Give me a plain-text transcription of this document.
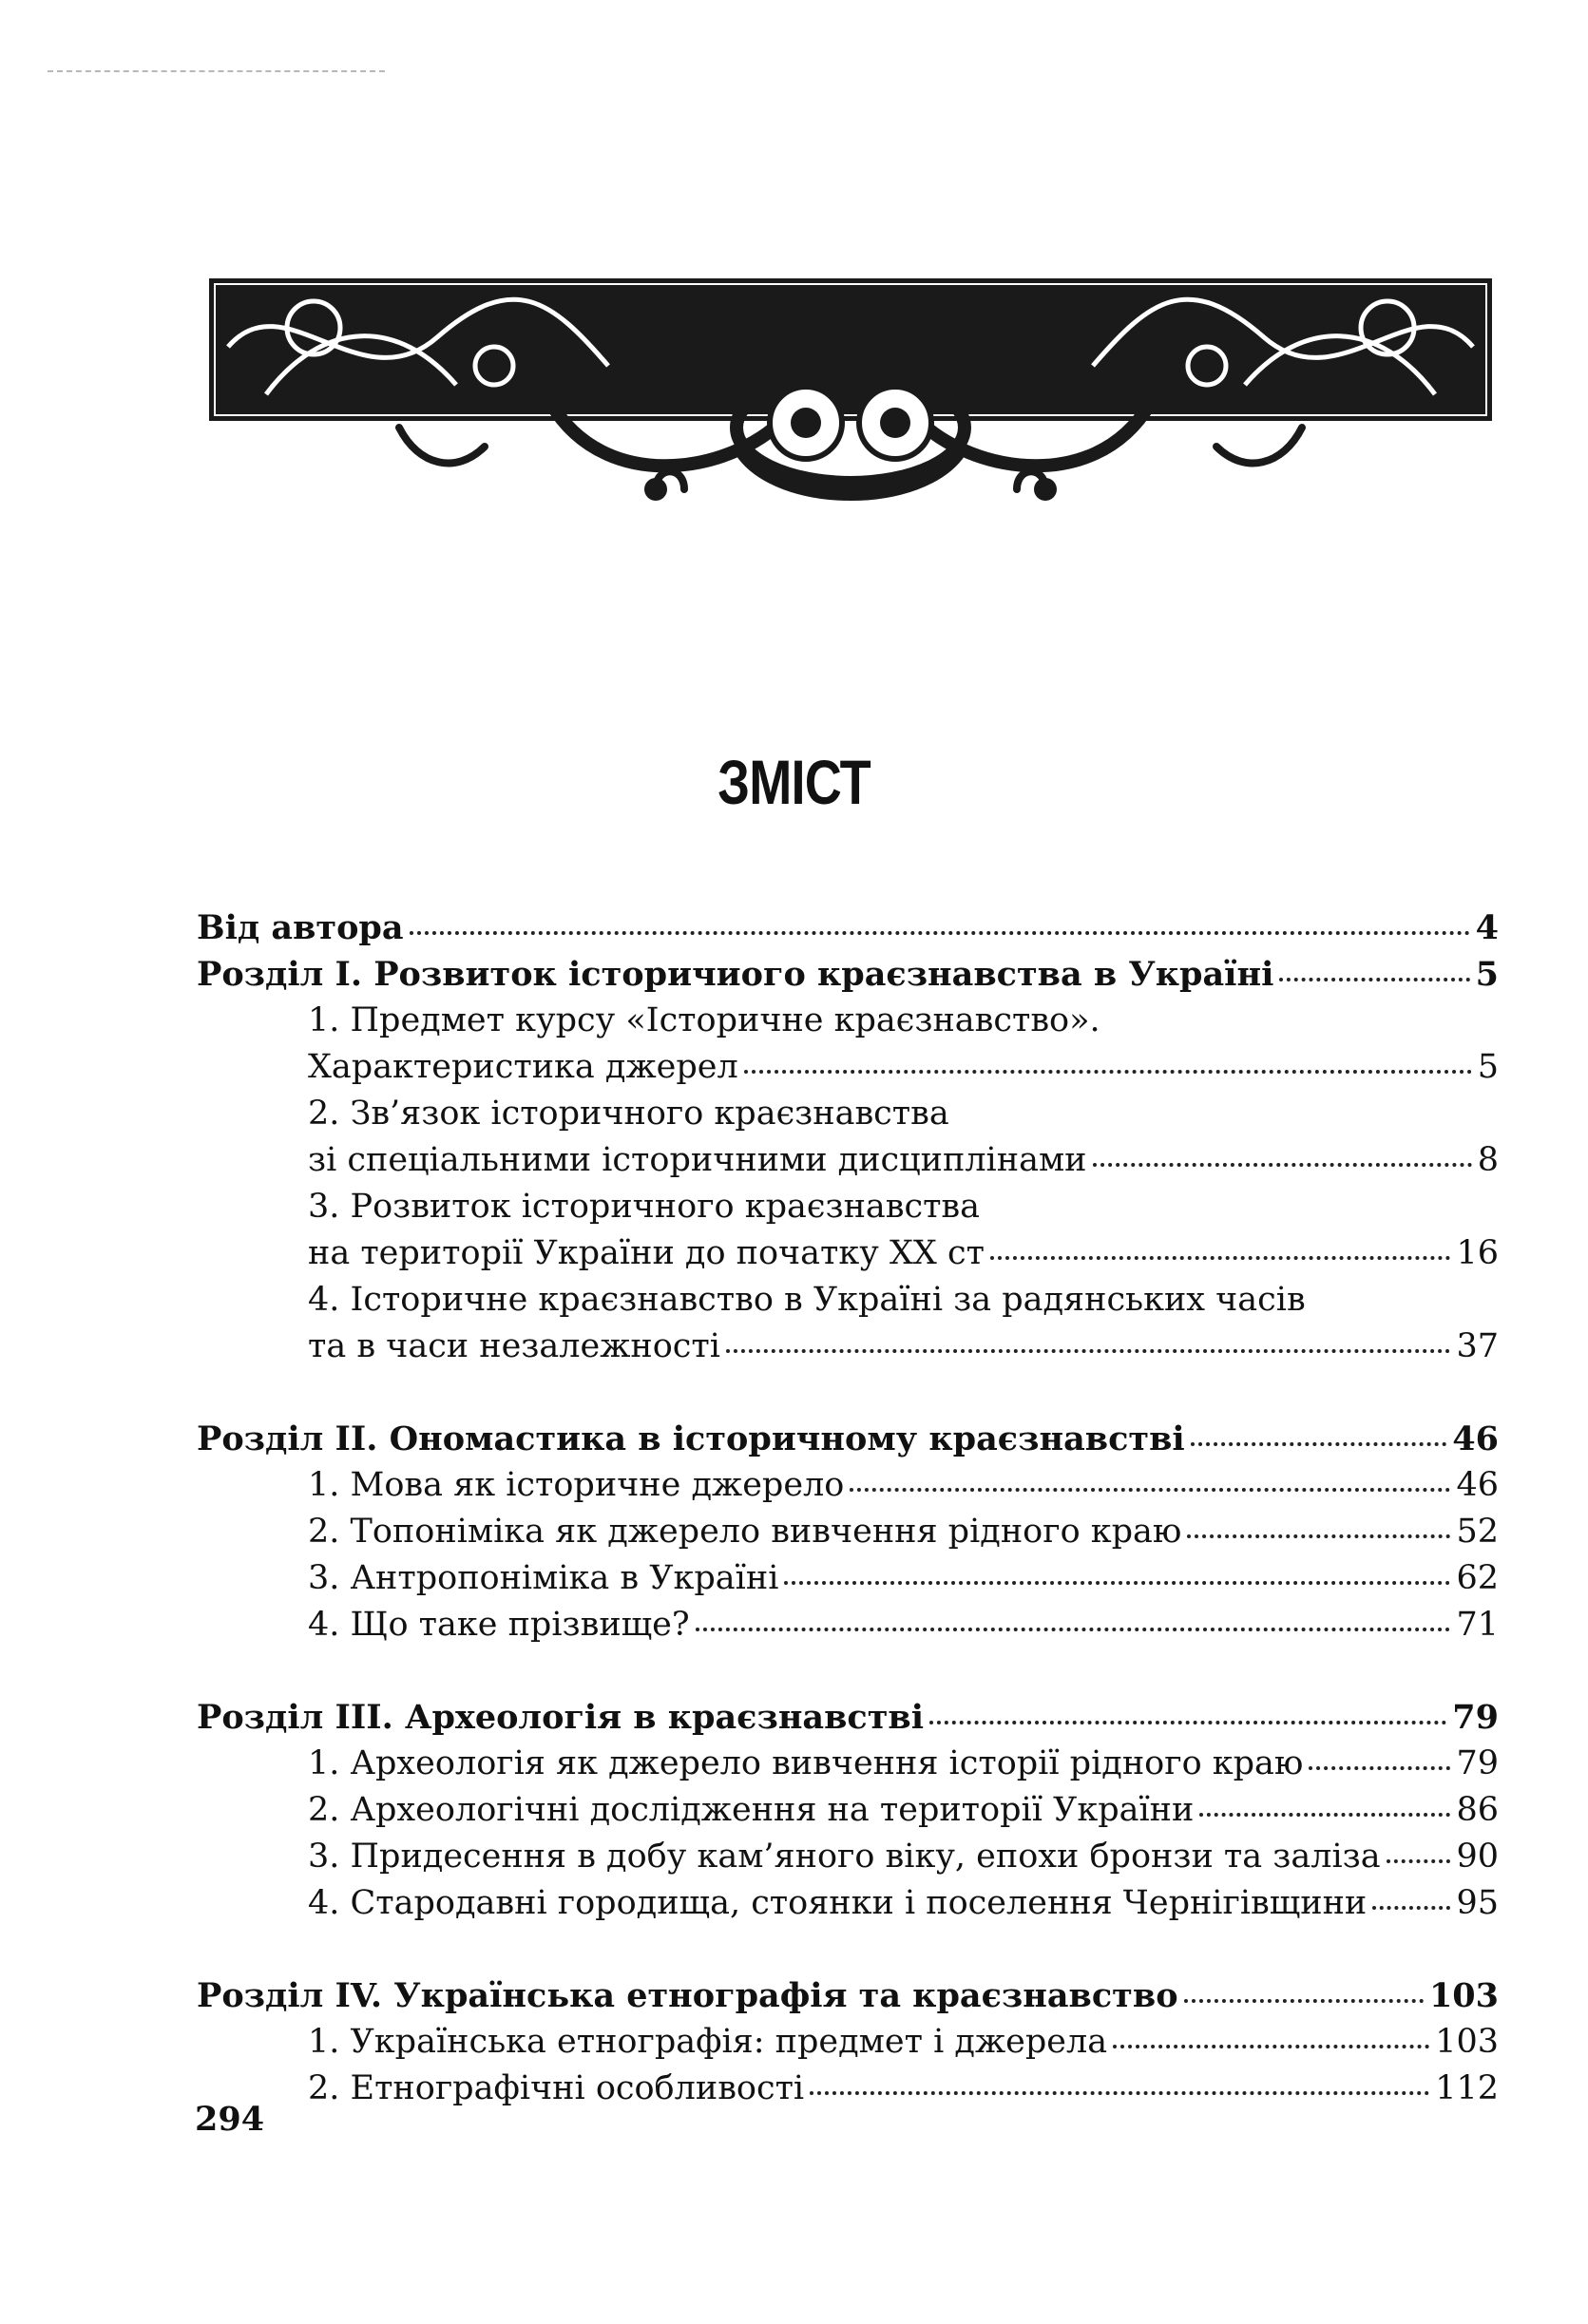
ЗМІСТ
Від автора	4
Розділ І. Розвиток історичиого краєзнавства в Україні	5
1. Предмет курсу «Історичне краєзнавство».
Характеристика джерел	5
2. Зв’язок історичного краєзнавства
зі спеціальними історичними дисциплінами	8
3. Розвиток історичного краєзнавства
на території України до початку XX ст	16
4. Історичне краєзнавство в Україні за радянських часів
та в часи незалежності	37
Розділ II. Ономастика в історичному краєзнавстві	46
1. Мова як історичне джерело	46
2. Топоніміка як джерело вивчення рідного краю	52
3. Антропоніміка в Україні	62
4. Що таке прізвище?	71
Розділ III. Археологія в краєзнавстві	79
1. Археологія як джерело вивчення історії рідного краю	79
2. Археологічні дослідження на території України	86
3. Придесення в добу кам’яного віку, епохи бронзи та заліза 90
4. Стародавні городища, стоянки і поселення Чернігівщини	95
Розділ IV. Українська етнографія та краєзнавство	103
1. Українська етнографія: предмет і джерела	103
2. Етнографічні особливості	112
294
